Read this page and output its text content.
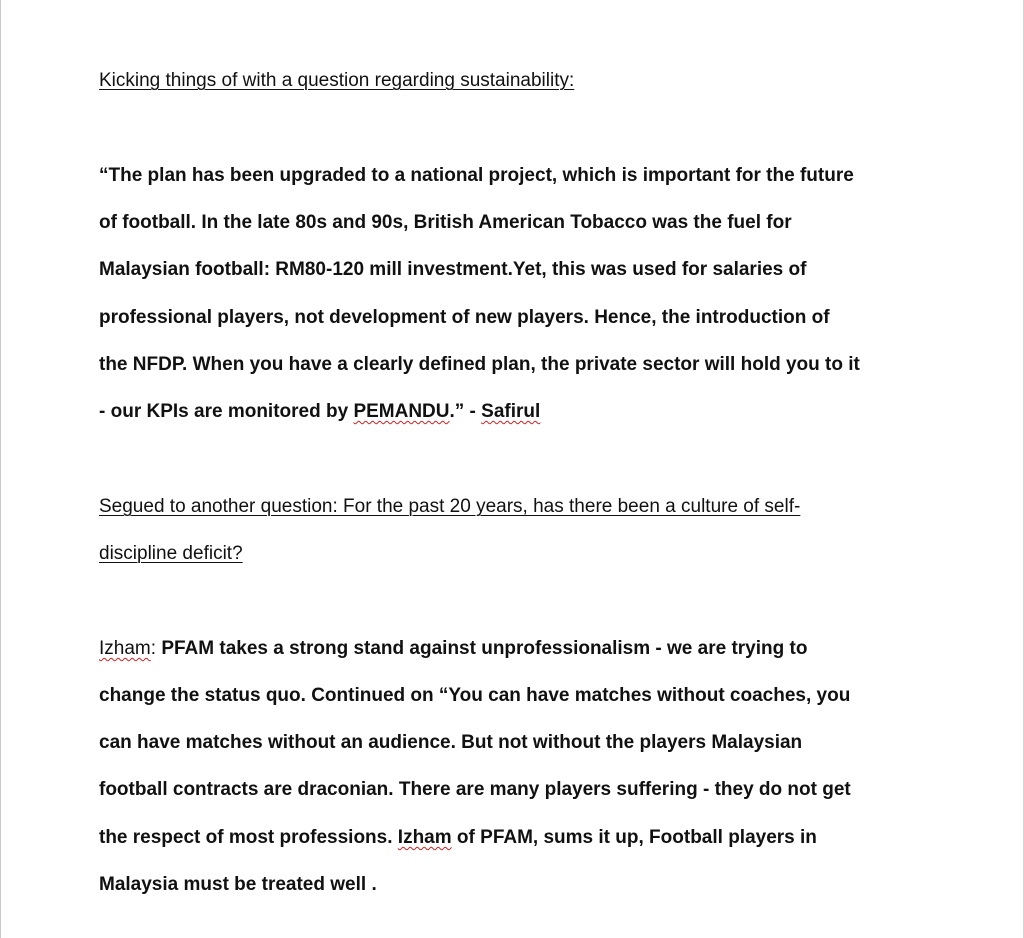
Kicking things of with a question regarding sustainability:
“The plan has been upgraded to a national project, which is important for the future
of football. In the late 80s and 90s, British American Tobacco was the fuel for
Malaysian football: RM80-120 mill investment.Yet, this was used for salaries of
professional players, not development of new players. Hence, the introduction of
the NFDP. When you have a clearly defined plan, the private sector will hold you to it
- our KPIs are monitored by PEMANDU.” - Safirul
Segued to another question: For the past 20 years, has there been a culture of self-
discipline deficit?
Izham: PFAM takes a strong stand against unprofessionalism - we are trying to
change the status quo. Continued on “You can have matches without coaches, you
can have matches without an audience. But not without the players Malaysian
football contracts are draconian. There are many players suffering - they do not get
the respect of most professions. Izham of PFAM, sums it up, Football players in
Malaysia must be treated well .
